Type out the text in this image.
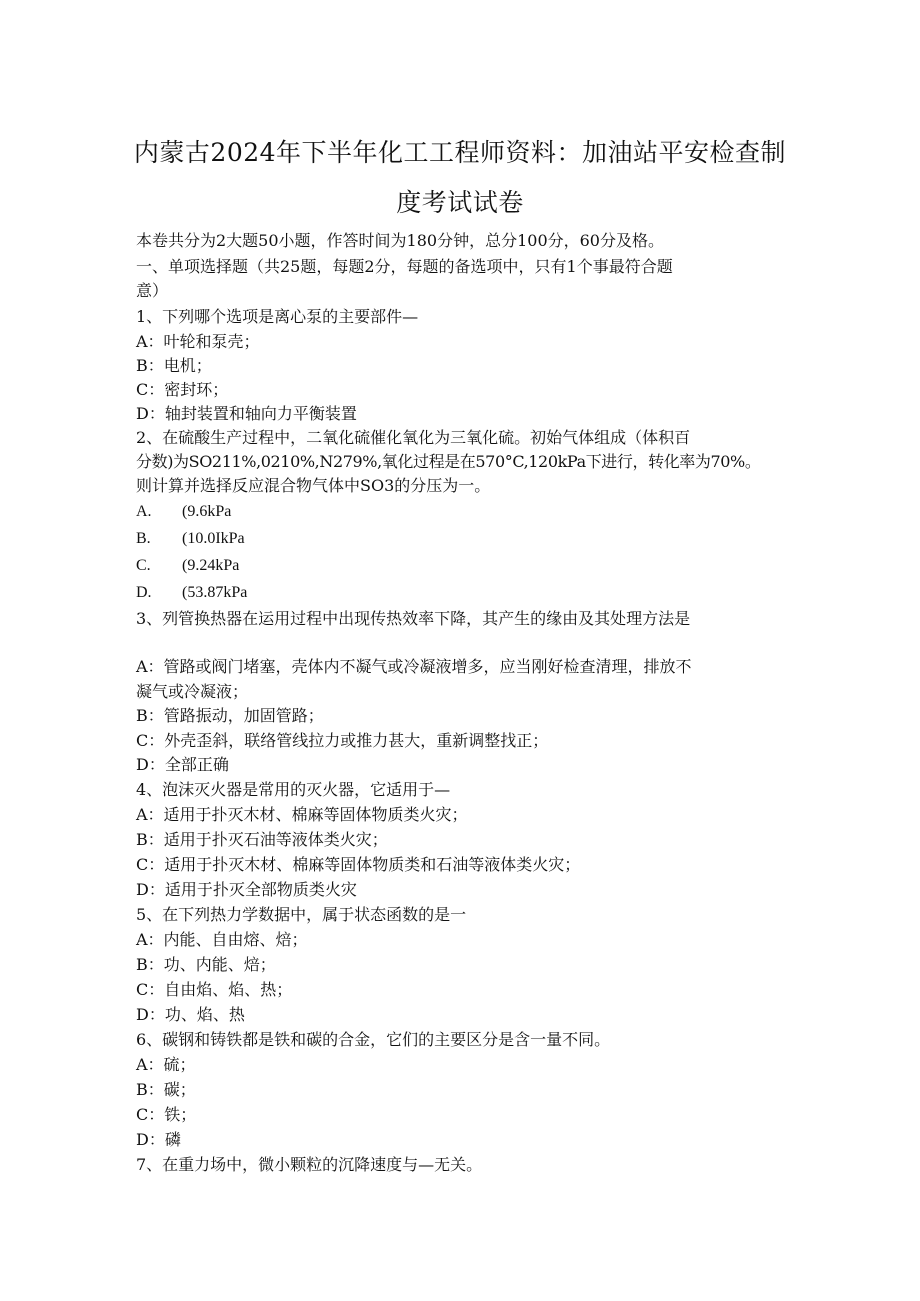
内蒙古2024年下半年化工工程师资料：加油站平安检查制
度考试试卷
本卷共分为2大题50小题，作答时间为180分钟，总分100分，60分及格。
一、单项选择题（共25题，每题2分，每题的备选项中，只有1个事最符合题
意）
1、下列哪个选项是离心泵的主要部件—
A：叶轮和泵壳；
B：电机；
C：密封环；
D：轴封装置和轴向力平衡装置
2、在硫酸生产过程中，二氧化硫催化氧化为三氧化硫。初始气体组成（体积百
分数)为SO211%,0210%,N279%,氧化过程是在570°C,120kPa下进行，转化率为70%。
则计算并选择反应混合物气体中SO3的分压为一。
A. (9.6kPa
B. (10.0IkPa
C. (9.24kPa
D. (53.87kPa
3、列管换热器在运用过程中出现传热效率下降，其产生的缘由及其处理方法是
A：管路或阀门堵塞，壳体内不凝气或冷凝液增多，应当刚好检查清理，排放不
凝气或冷凝液；
B：管路振动，加固管路；
C：外壳歪斜，联络管线拉力或推力甚大，重新调整找正；
D：全部正确
4、泡沫灭火器是常用的灭火器，它适用于—
A：适用于扑灭木材、棉麻等固体物质类火灾；
B：适用于扑灭石油等液体类火灾；
C：适用于扑灭木材、棉麻等固体物质类和石油等液体类火灾；
D：适用于扑灭全部物质类火灾
5、在下列热力学数据中，属于状态函数的是一
A：内能、自由熔、焙；
B：功、内能、焙；
C：自由焰、焰、热；
D：功、焰、热
6、碳钢和铸铁都是铁和碳的合金，它们的主要区分是含一量不同。
A：硫；
B：碳；
C：铁；
D：磷
7、在重力场中，微小颗粒的沉降速度与—无关。
